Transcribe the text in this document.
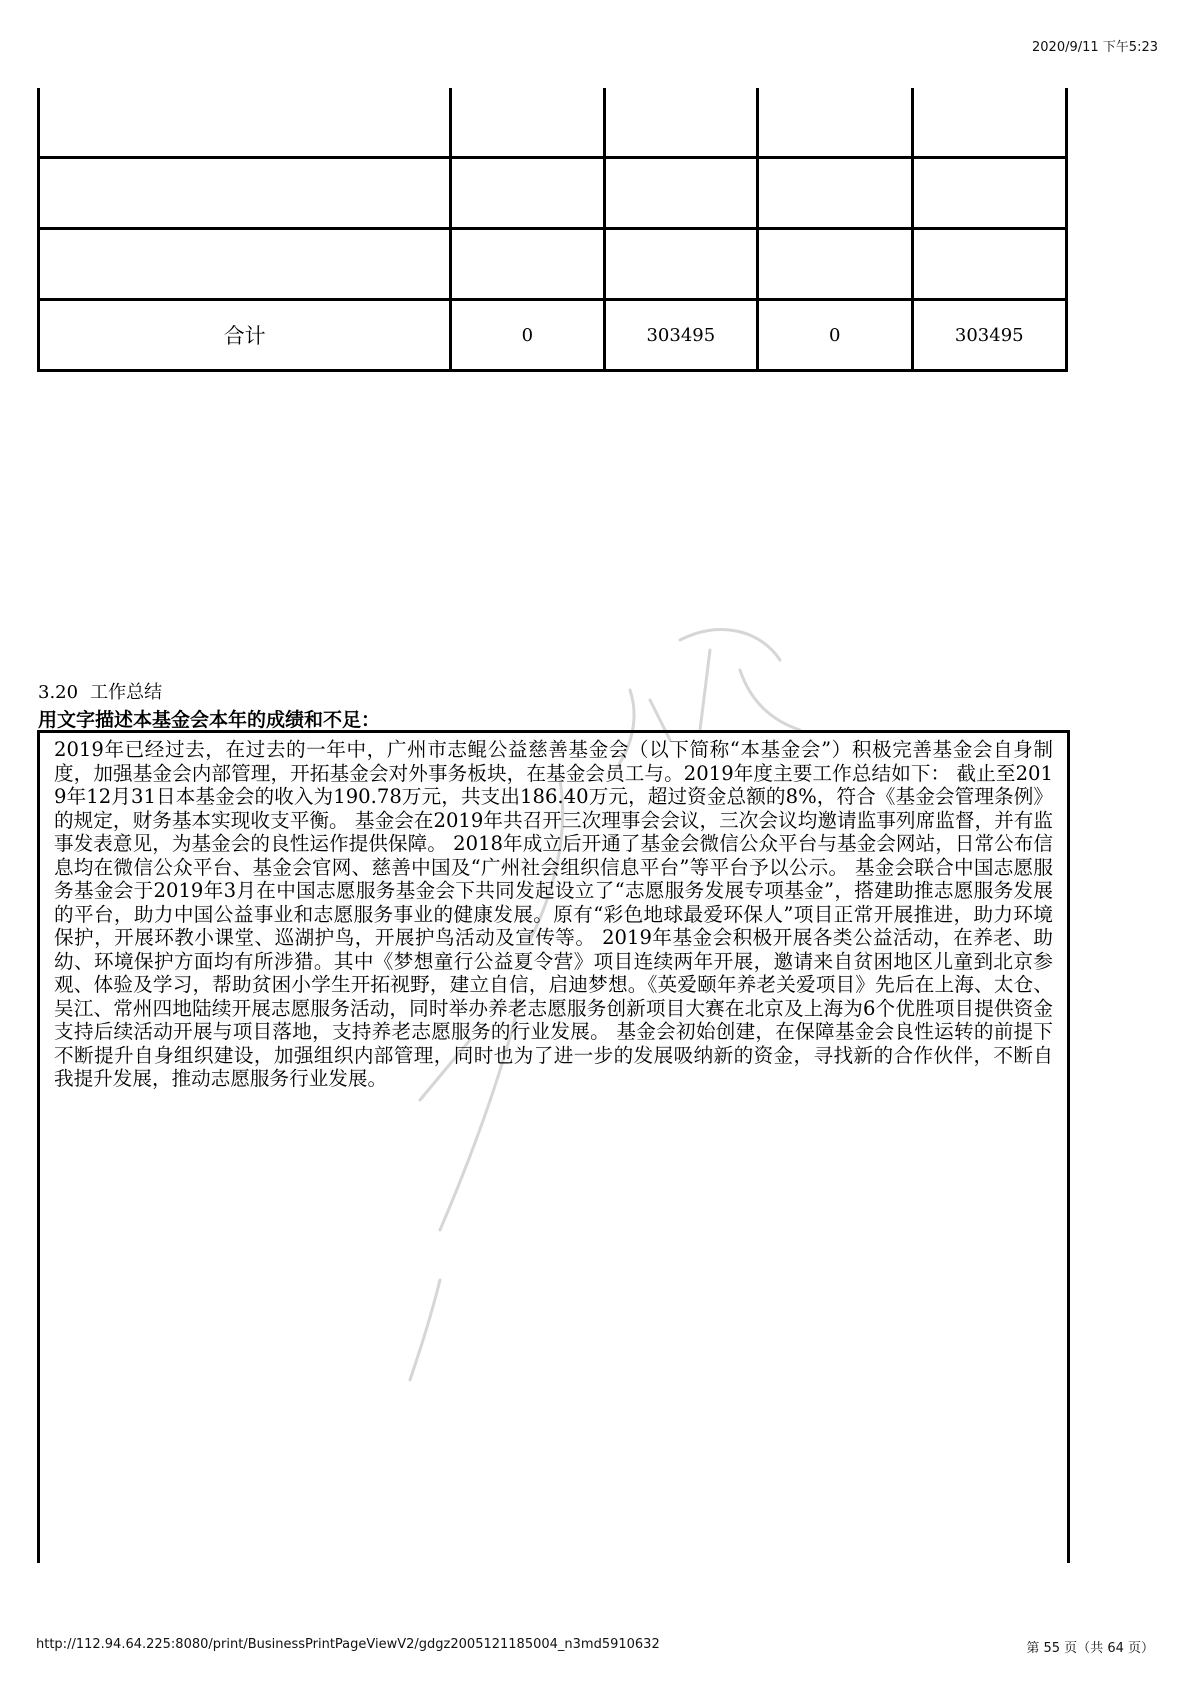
2020/9/11 下午5:23

合计	0	303495	0	303495
3.20 工作总结
用文字描述本基金会本年的成绩和不足：
2019年已经过去，在过去的一年中，广州市志鲲公益慈善基金会（以下简称“本基金会”）积极完善基金会自身制度，加强基金会内部管理，开拓基金会对外事务板块，在基金会员工与。2019年度主要工作总结如下： 截止至2019年12月31日本基金会的收入为190.78万元，共支出186.40万元，超过资金总额的8%，符合《基金会管理条例》的规定，财务基本实现收支平衡。 基金会在2019年共召开三次理事会会议，三次会议均邀请监事列席监督，并有监事发表意见，为基金会的良性运作提供保障。 2018年成立后开通了基金会微信公众平台与基金会网站，日常公布信息均在微信公众平台、基金会官网、慈善中国及“广州社会组织信息平台”等平台予以公示。 基金会联合中国志愿服务基金会于2019年3月在中国志愿服务基金会下共同发起设立了“志愿服务发展专项基金”，搭建助推志愿服务发展的平台，助力中国公益事业和志愿服务事业的健康发展。原有“彩色地球最爱环保人”项目正常开展推进，助力环境保护，开展环教小课堂、巡湖护鸟，开展护鸟活动及宣传等。 2019年基金会积极开展各类公益活动，在养老、助幼、环境保护方面均有所涉猎。其中《梦想童行公益夏令营》项目连续两年开展，邀请来自贫困地区儿童到北京参观、体验及学习，帮助贫困小学生开拓视野，建立自信，启迪梦想。《英爱颐年养老关爱项目》先后在上海、太仓、吴江、常州四地陆续开展志愿服务活动，同时举办养老志愿服务创新项目大赛在北京及上海为6个优胜项目提供资金支持后续活动开展与项目落地，支持养老志愿服务的行业发展。 基金会初始创建，在保障基金会良性运转的前提下不断提升自身组织建设，加强组织内部管理，同时也为了进一步的发展吸纳新的资金，寻找新的合作伙伴，不断自我提升发展，推动志愿服务行业发展。
http://112.94.64.225:8080/print/BusinessPrintPageViewV2/gdgz2005121185004_n3md5910632	第 55 页（共 64 页）
